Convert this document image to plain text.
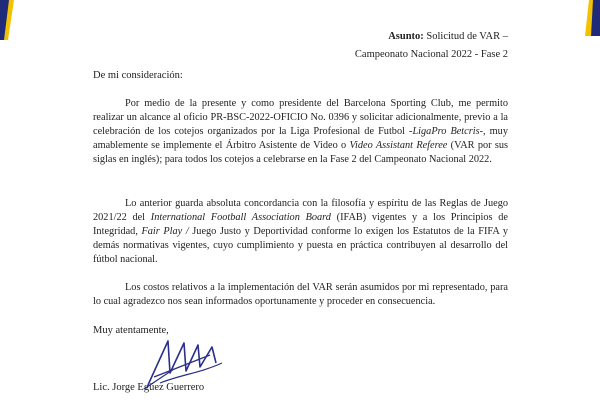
Asunto: Solicitud de VAR –
Campeonato Nacional 2022 - Fase 2
De mi consideración:
Por medio de la presente y como presidente del Barcelona Sporting Club, me permito realizar un alcance al oficio PR-BSC-2022-OFICIO No. 0396 y solicitar adicionalmente, previo a la celebración de los cotejos organizados por la Liga Profesional de Futbol -LigaPro Betcris-, muy amablemente se implemente el Árbitro Asistente de Video o Video Assistant Referee (VAR por sus siglas en inglés); para todos los cotejos a celebrarse en la Fase 2 del Campeonato Nacional 2022.
Lo anterior guarda absoluta concordancia con la filosofía y espíritu de las Reglas de Juego 2021/22 del International Football Association Board (IFAB) vigentes y a los Principios de Integridad, Fair Play / Juego Justo y Deportividad conforme lo exigen los Estatutos de la FIFA y demás normativas vigentes, cuyo cumplimiento y puesta en práctica contribuyen al desarrollo del fútbol nacional.
Los costos relativos a la implementación del VAR serán asumidos por mi representado, para lo cual agradezco nos sean informados oportunamente y proceder en consecuencia.
Muy atentamente,
Lic. Jorge Egüez Guerrero
